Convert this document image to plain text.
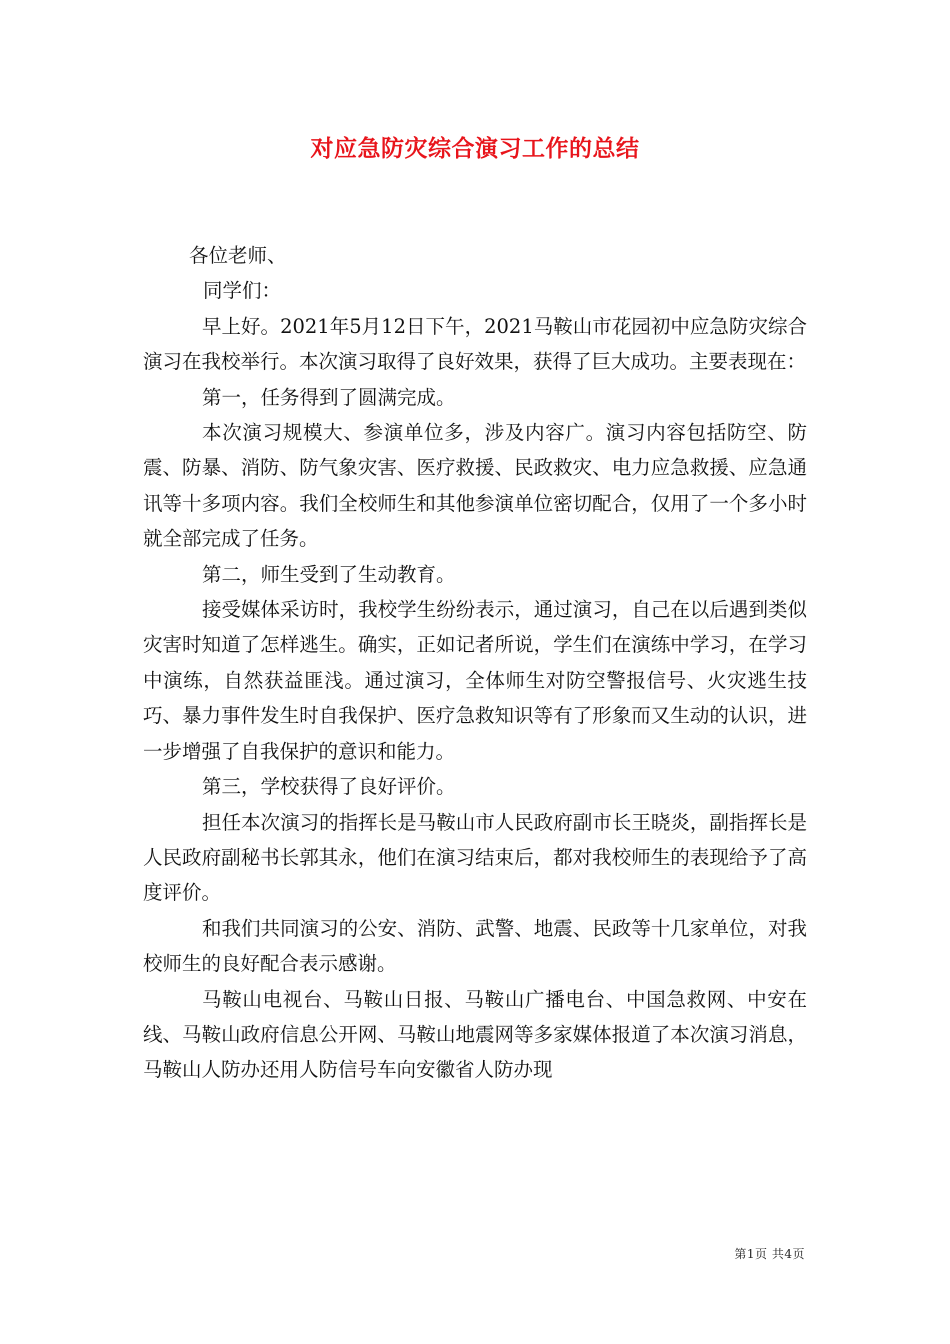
对应急防灾综合演习工作的总结

各位老师、

同学们：

早上好。2021年5月12日下午，2021马鞍山市花园初中应急防灾综合演习在我校举行。本次演习取得了良好效果，获得了巨大成功。主要表现在：

第一，任务得到了圆满完成。

本次演习规模大、参演单位多，涉及内容广。演习内容包括防空、防震、防暴、消防、防气象灾害、医疗救援、民政救灾、电力应急救援、应急通讯等十多项内容。我们全校师生和其他参演单位密切配合，仅用了一个多小时就全部完成了任务。

第二，师生受到了生动教育。

接受媒体采访时，我校学生纷纷表示，通过演习，自己在以后遇到类似灾害时知道了怎样逃生。确实，正如记者所说，学生们在演练中学习，在学习中演练，自然获益匪浅。通过演习，全体师生对防空警报信号、火灾逃生技巧、暴力事件发生时自我保护、医疗急救知识等有了形象而又生动的认识，进一步增强了自我保护的意识和能力。

第三，学校获得了良好评价。

担任本次演习的指挥长是马鞍山市人民政府副市长王晓炎，副指挥长是人民政府副秘书长郭其永，他们在演习结束后，都对我校师生的表现给予了高度评价。

和我们共同演习的公安、消防、武警、地震、民政等十几家单位，对我校师生的良好配合表示感谢。

马鞍山电视台、马鞍山日报、马鞍山广播电台、中国急救网、中安在线、马鞍山政府信息公开网、马鞍山地震网等多家媒体报道了本次演习消息，马鞍山人防办还用人防信号车向安徽省人防办现

第1页 共4页
